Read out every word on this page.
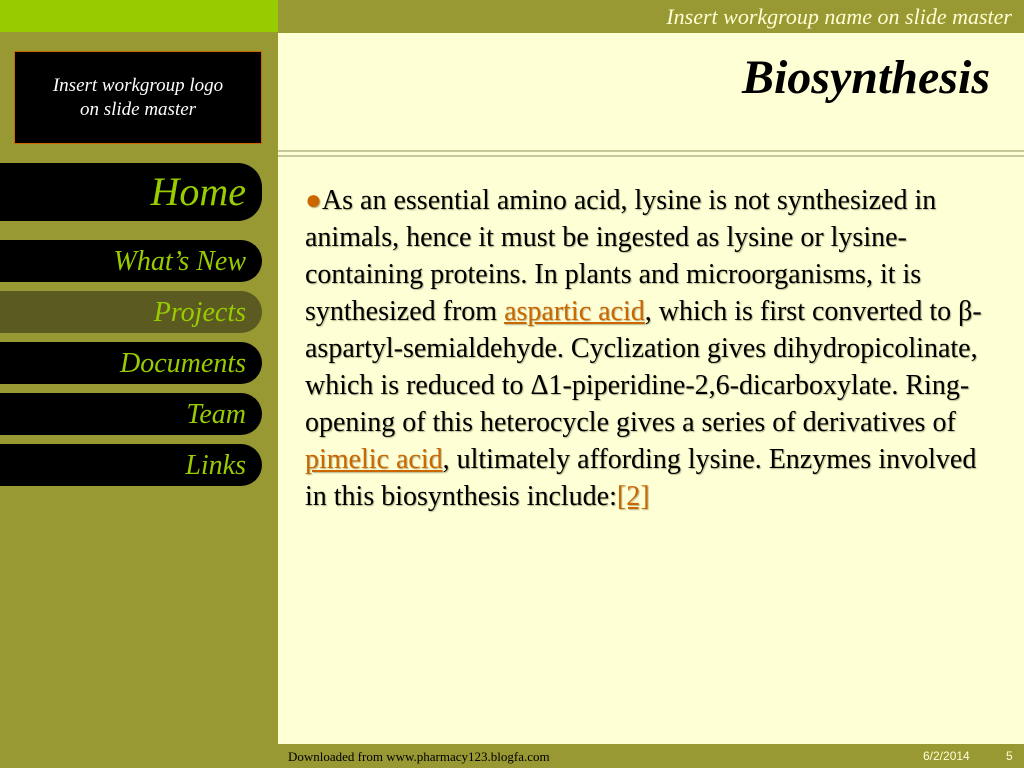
Insert workgroup name on slide master
Insert workgroup logo on slide master
Home
What’s New
Projects
Documents
Team
Links
Biosynthesis
●As an essential amino acid, lysine is not synthesized in animals, hence it must be ingested as lysine or lysine-containing proteins. In plants and microorganisms, it is synthesized from aspartic acid, which is first converted to β-aspartyl-semialdehyde. Cyclization gives dihydropicolinate, which is reduced to Δ1-piperidine-2,6-dicarboxylate. Ring-opening of this heterocycle gives a series of derivatives of pimelic acid, ultimately affording lysine. Enzymes involved in this biosynthesis include:[2]
Downloaded from www.pharmacy123.blogfa.com	6/2/2014	5
